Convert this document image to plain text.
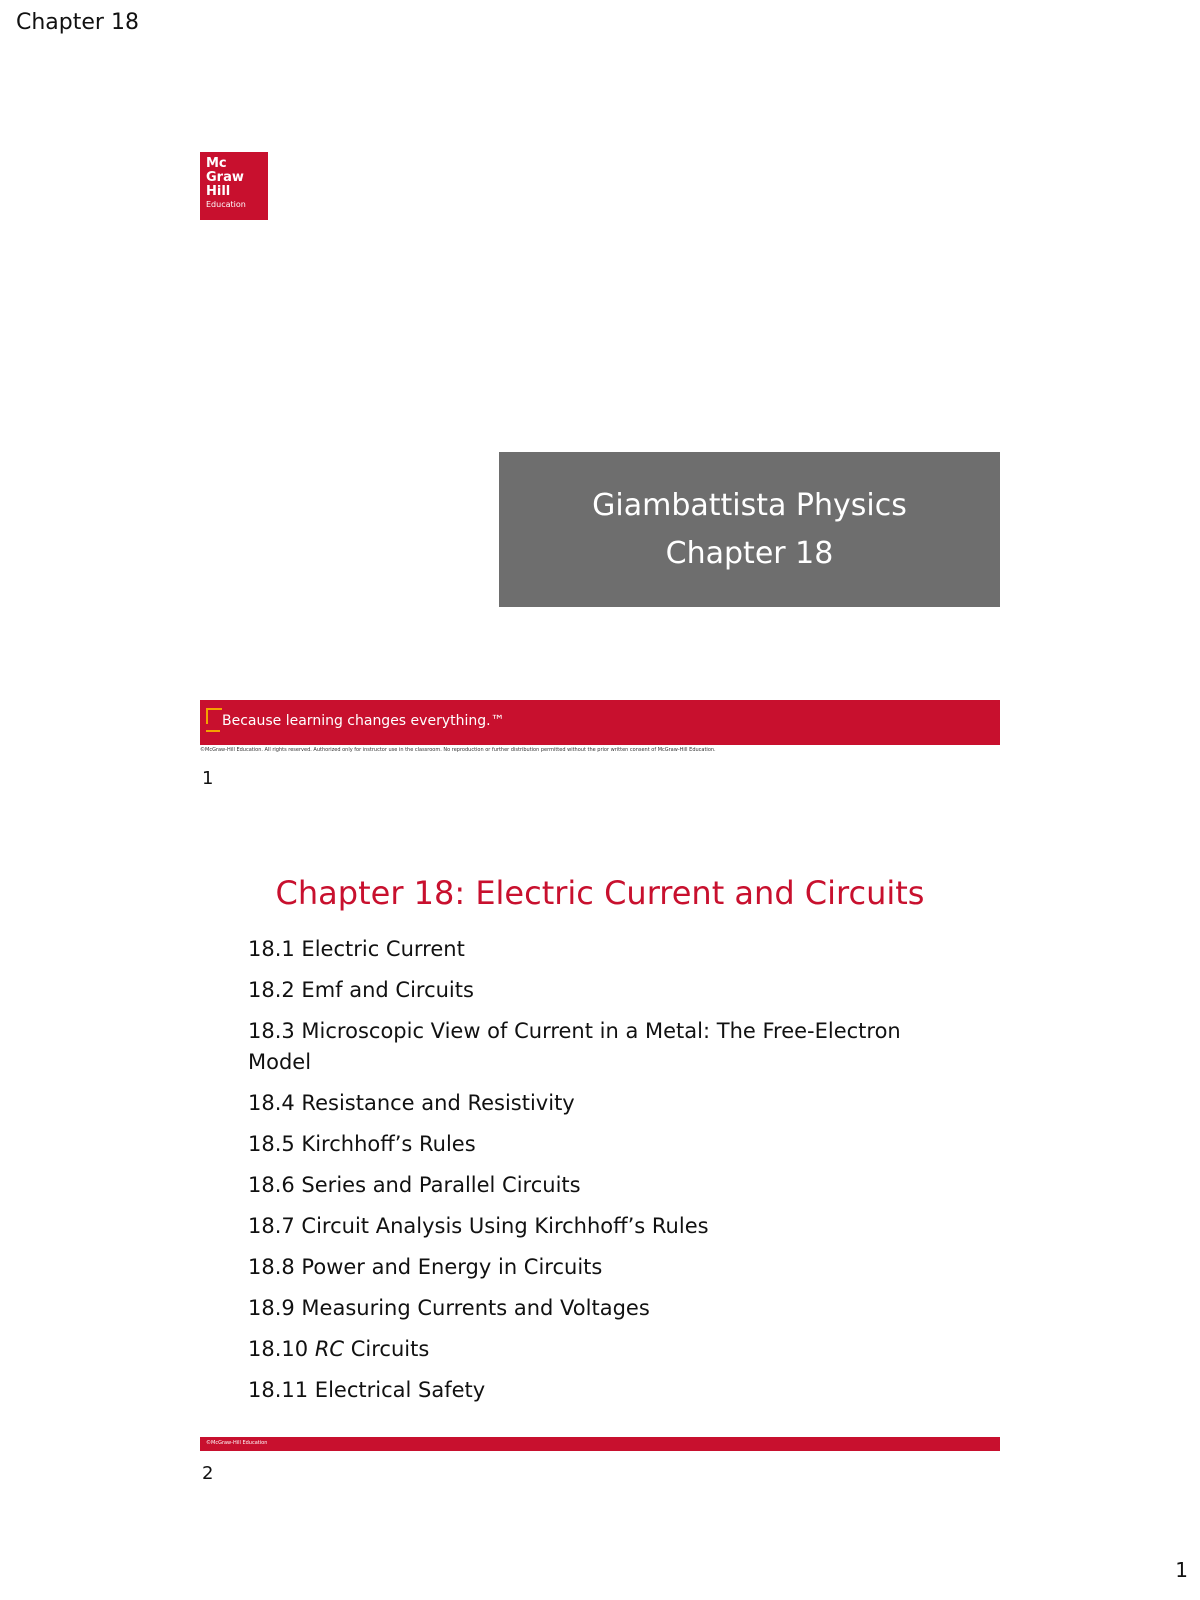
Chapter 18
Mc
Graw
Hill
Education
Giambattista Physics
Chapter 18
Because learning changes everything.™
©McGraw-Hill Education. All rights reserved. Authorized only for instructor use in the classroom. No reproduction or further distribution permitted without the prior written consent of McGraw-Hill Education.
1
Chapter 18: Electric Current and Circuits
18.1 Electric Current
18.2 Emf and Circuits
18.3 Microscopic View of Current in a Metal: The Free-Electron Model
18.4 Resistance and Resistivity
18.5 Kirchhoff’s Rules
18.6 Series and Parallel Circuits
18.7 Circuit Analysis Using Kirchhoff’s Rules
18.8 Power and Energy in Circuits
18.9 Measuring Currents and Voltages
18.10 RC Circuits
18.11 Electrical Safety
©McGraw-Hill Education
2
1
